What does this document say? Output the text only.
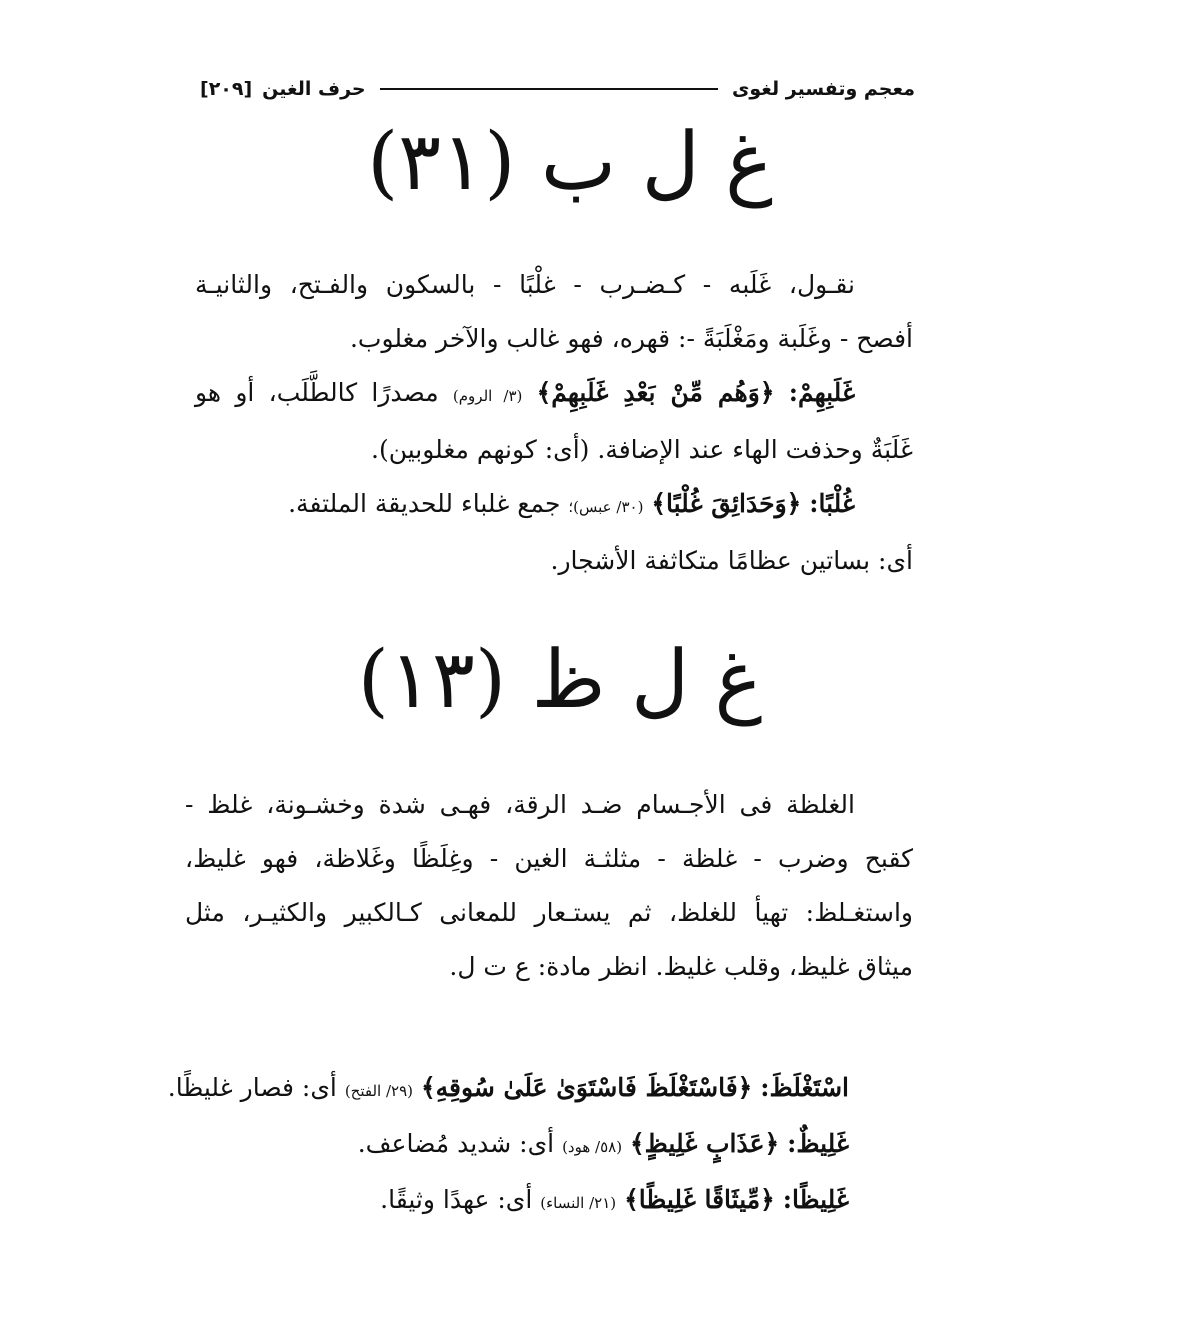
معجم وتفسير لغوى
حرف الغين
[٢٠٩]
غ ل ب (٣١)

نقـول، غَلَبه - كـضـرب - غلْبًا - بالسكون والفـتح، والثانيـة
أفصح - وغَلَبة ومَغْلَبَةً -: قهره، فهو غالب والآخر مغلوب.

غَلَبِهِمْ: ﴿وَهُم مِّنْ بَعْدِ غَلَبِهِمْ﴾ (٣/ الروم) مصدرًا كالطَّلَب، أو هو
غَلَبَةٌ وحذفت الهاء عند الإضافة. (أى: كونهم مغلوبين).

غُلْبًا: ﴿وَحَدَائِقَ غُلْبًا﴾ (٣٠/ عبس)؛ جمع غلباء للحديقة الملتفة.
أى: بساتين عظامًا متكاثفة الأشجار.

غ ل ظ (١٣)

الغلظة فى الأجـسام ضـد الرقة، فهـى شدة وخشـونة، غلظ -
كقبح وضرب - غلظة - مثلثـة الغين - وغِلَظًا وغَلاظة، فهو غليظ،
واستغـلظ: تهيأ للغلظ، ثم يستـعار للمعانى كـالكبير والكثيـر، مثل
ميثاق غليظ، وقلب غليظ. انظر مادة: ع ت ل.

اسْتَغْلَظَ: ﴿فَاسْتَغْلَظَ فَاسْتَوَىٰ عَلَىٰ سُوقِهِ﴾ (٢٩/ الفتح) أى: فصار غليظًا.
غَلِيظٌ: ﴿عَذَابٍ غَلِيظٍ﴾ (٥٨/ هود) أى: شديد مُضاعف.
غَلِيظًا: ﴿مِّيثَاقًا غَلِيظًا﴾ (٢١/ النساء) أى: عهدًا وثيقًا.
